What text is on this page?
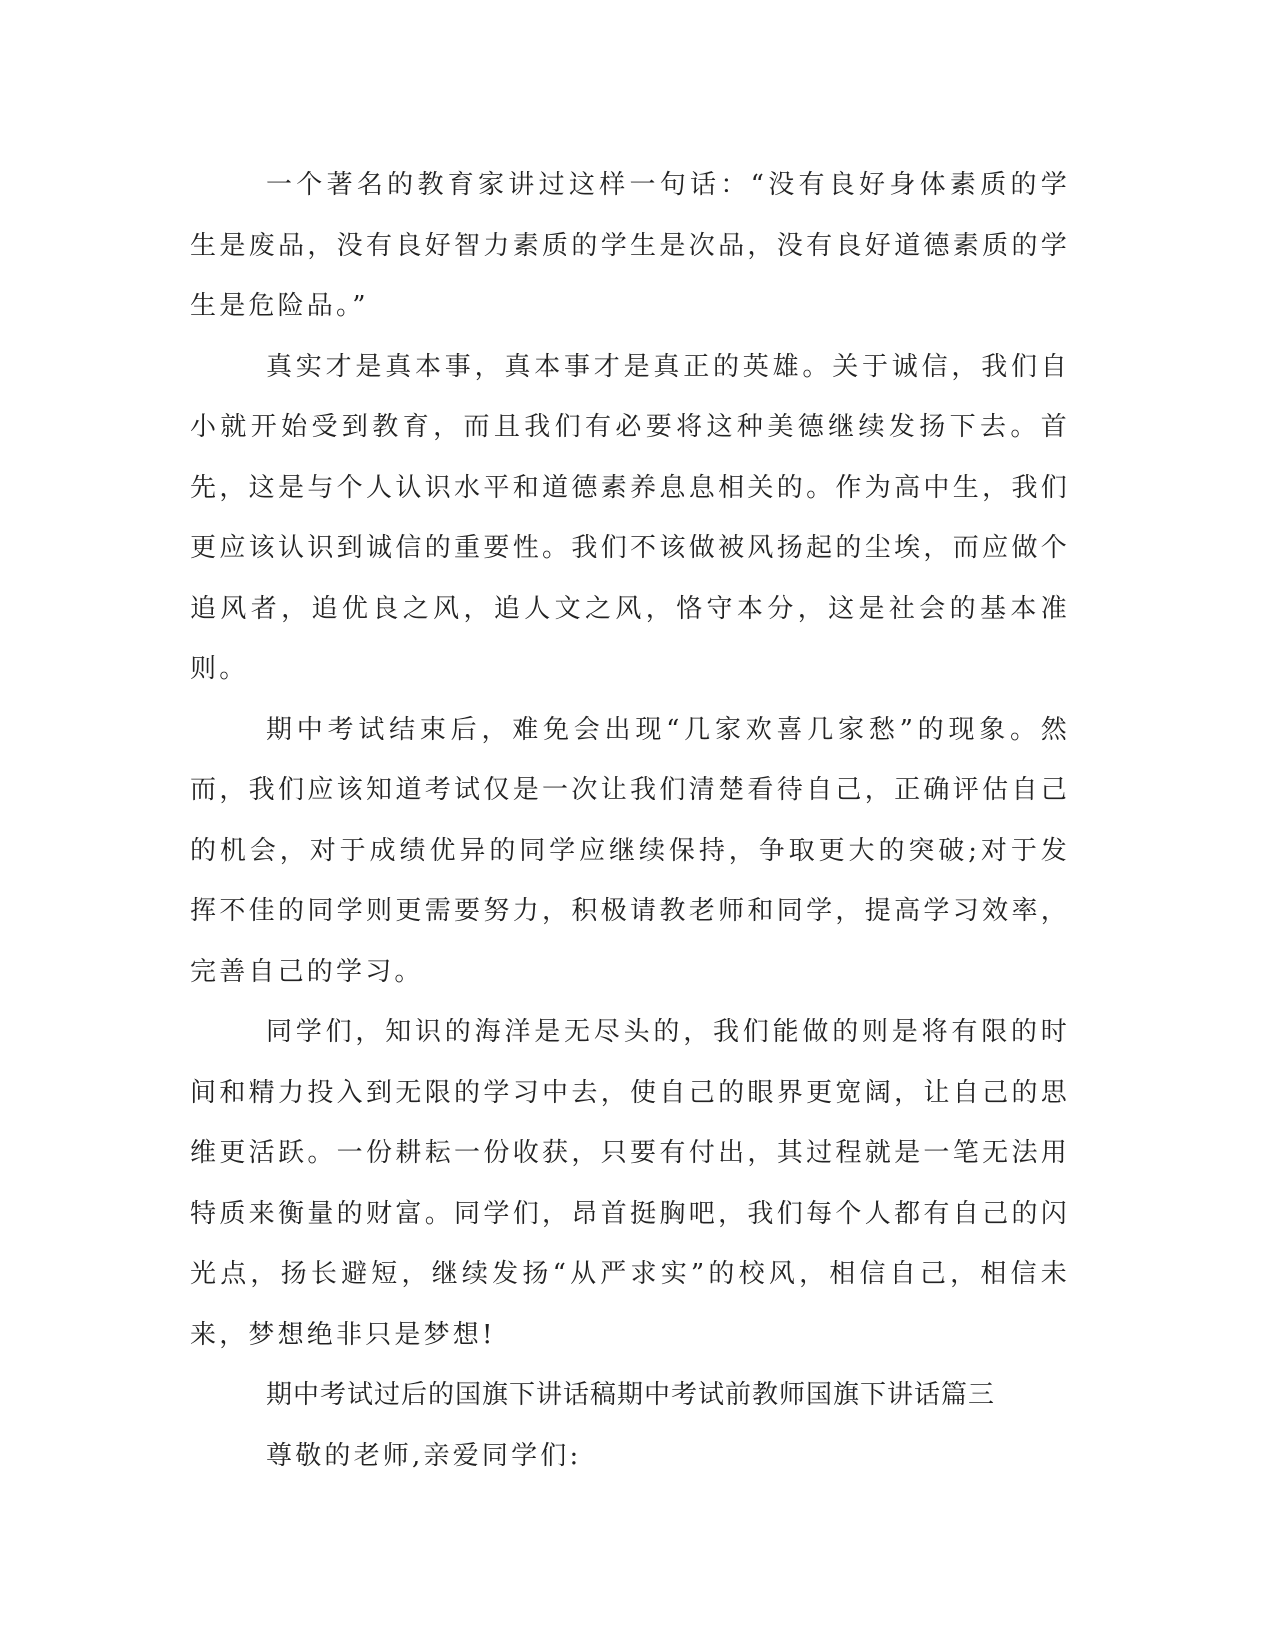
一个著名的教育家讲过这样一句话：“没有良好身体素质的学生是废品，没有良好智力素质的学生是次品，没有良好道德素质的学生是危险品。”

真实才是真本事，真本事才是真正的英雄。关于诚信，我们自小就开始受到教育，而且我们有必要将这种美德继续发扬下去。首先，这是与个人认识水平和道德素养息息相关的。作为高中生，我们更应该认识到诚信的重要性。我们不该做被风扬起的尘埃，而应做个追风者，追优良之风，追人文之风，恪守本分，这是社会的基本准则。

期中考试结束后，难免会出现“几家欢喜几家愁”的现象。然而，我们应该知道考试仅是一次让我们清楚看待自己，正确评估自己的机会，对于成绩优异的同学应继续保持，争取更大的突破;对于发挥不佳的同学则更需要努力，积极请教老师和同学，提高学习效率，完善自己的学习。

同学们，知识的海洋是无尽头的，我们能做的则是将有限的时间和精力投入到无限的学习中去，使自己的眼界更宽阔，让自己的思维更活跃。一份耕耘一份收获，只要有付出，其过程就是一笔无法用特质来衡量的财富。同学们，昂首挺胸吧，我们每个人都有自己的闪光点，扬长避短，继续发扬“从严求实”的校风，相信自己，相信未来，梦想绝非只是梦想!

期中考试过后的国旗下讲话稿期中考试前教师国旗下讲话篇三

尊敬的老师,亲爱同学们:
